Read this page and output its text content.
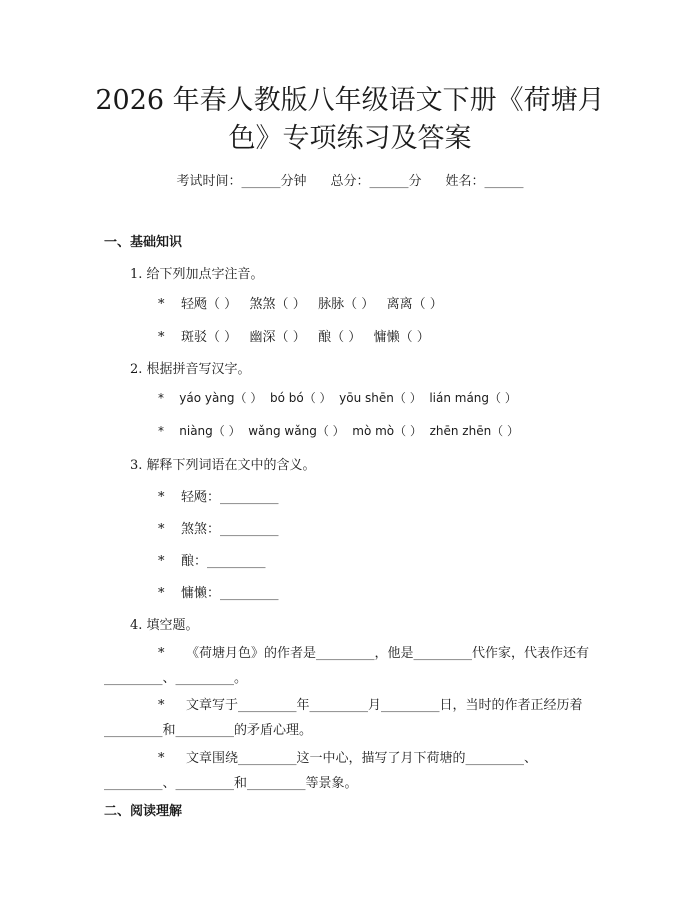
2026 年春人教版八年级语文下册《荷塘月
色》专项练习及答案
考试时间：______分钟 总分：______分 姓名：______
一、基础知识
1. 给下列加点字注音。
*    轻飏（ ）   煞煞（ ）   脉脉（ ）   离离（ ）
*    斑驳（ ）   幽深（ ）   酿（ ）   慵懒（ ）
2. 根据拼音写汉字。
*    yáo yàng（ ）  bó bó（ ）  yōu shēn（ ）  lián máng（ ）
*    niàng（ ）  wǎng wǎng（ ）  mò mò（ ）  zhēn zhēn（ ）
3. 解释下列词语在文中的含义。
*    轻飏：_________
*    煞煞：_________
*    酿：_________
*    慵懒：_________
4. 填空题。
* 《荷塘月色》的作者是_________，他是_________代作家，代表作还有_________、_________。
* 文章写于_________年_________月_________日，当时的作者正经历着_________和_________的矛盾心理。
* 文章围绕_________这一中心，描写了月下荷塘的_________、_________、_________和_________等景象。
二、阅读理解
